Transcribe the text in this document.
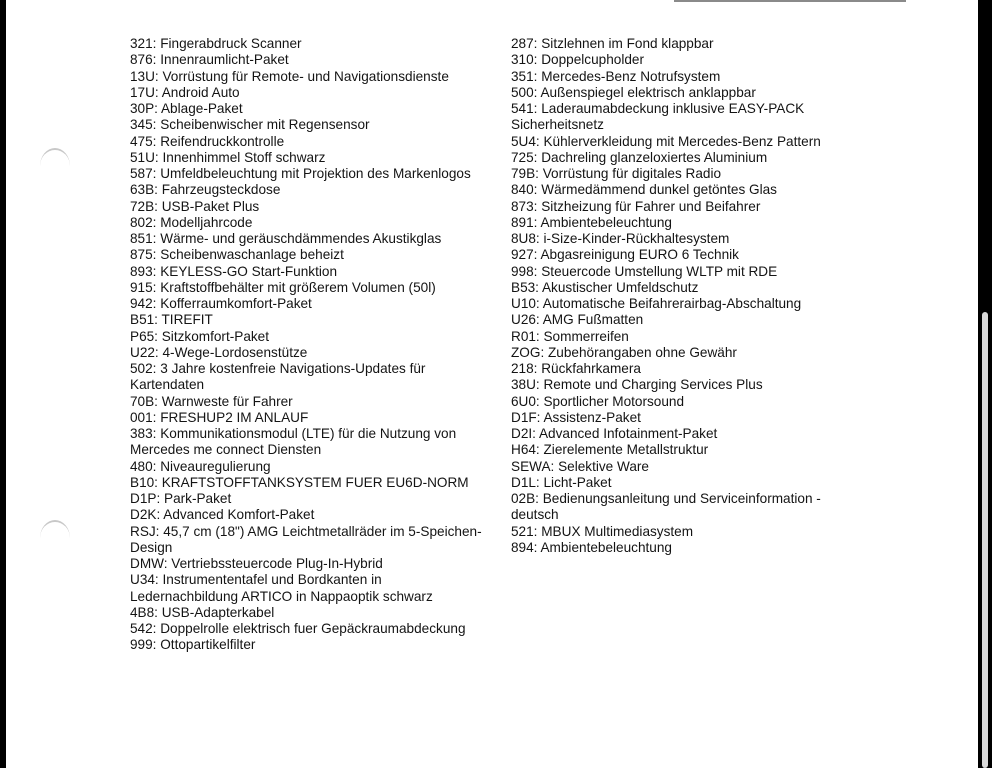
321: Fingerabdruck Scanner
876: Innenraumlicht-Paket
13U: Vorrüstung für Remote- und Navigationsdienste
17U: Android Auto
30P: Ablage-Paket
345: Scheibenwischer mit Regensensor
475: Reifendruckkontrolle
51U: Innenhimmel Stoff schwarz
587: Umfeldbeleuchtung mit Projektion des Markenlogos
63B: Fahrzeugsteckdose
72B: USB-Paket Plus
802: Modelljahrcode
851: Wärme- und geräuschdämmendes Akustikglas
875: Scheibenwaschanlage beheizt
893: KEYLESS-GO Start-Funktion
915: Kraftstoffbehälter mit größerem Volumen (50l)
942: Kofferraumkomfort-Paket
B51: TIREFIT
P65: Sitzkomfort-Paket
U22: 4-Wege-Lordosenstütze
502: 3 Jahre kostenfreie Navigations-Updates für Kartendaten
70B: Warnweste für Fahrer
001: FRESHUP2 IM ANLAUF
383: Kommunikationsmodul (LTE) für die Nutzung von Mercedes me connect Diensten
480: Niveauregulierung
B10: KRAFTSTOFFTANKSYSTEM FUER EU6D-NORM
D1P: Park-Paket
D2K: Advanced Komfort-Paket
RSJ: 45,7 cm (18") AMG Leichtmetallräder im 5-Speichen-Design
DMW: Vertriebssteuercode Plug-In-Hybrid
U34: Instrumententafel und Bordkanten in Ledernachbildung ARTICO in Nappaoptik schwarz
4B8: USB-Adapterkabel
542: Doppelrolle elektrisch fuer Gepäckraumabdeckung
999: Ottopartikelfilter
287: Sitzlehnen im Fond klappbar
310: Doppelcupholder
351: Mercedes-Benz Notrufsystem
500: Außenspiegel elektrisch anklappbar
541: Laderaumabdeckung inklusive EASY-PACK Sicherheitsnetz
5U4: Kühlerverkleidung mit Mercedes-Benz Pattern
725: Dachreling glanzeloxiertes Aluminium
79B: Vorrüstung für digitales Radio
840: Wärmedämmend dunkel getöntes Glas
873: Sitzheizung für Fahrer und Beifahrer
891: Ambientebeleuchtung
8U8: i-Size-Kinder-Rückhaltesystem
927: Abgasreinigung EURO 6 Technik
998: Steuercode Umstellung WLTP mit RDE
B53: Akustischer Umfeldschutz
U10: Automatische Beifahrerairbag-Abschaltung
U26: AMG Fußmatten
R01: Sommerreifen
ZOG: Zubehörangaben ohne Gewähr
218: Rückfahrkamera
38U: Remote und Charging Services Plus
6U0: Sportlicher Motorsound
D1F: Assistenz-Paket
D2I: Advanced Infotainment-Paket
H64: Zierelemente Metallstruktur
SEWA: Selektive Ware
D1L: Licht-Paket
02B: Bedienungsanleitung und Serviceinformation - deutsch
521: MBUX Multimediasystem
894: Ambientebeleuchtung
